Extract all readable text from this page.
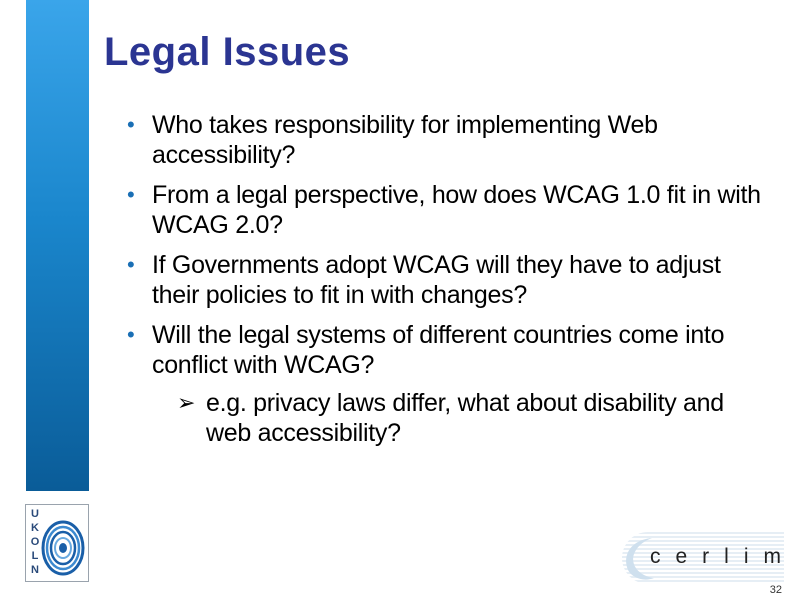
Legal Issues
• Who takes responsibility for implementing Web accessibility?
• From a legal perspective, how does WCAG 1.0 fit in with WCAG 2.0?
• If Governments adopt WCAG will they have to adjust their policies to fit in with changes?
• Will the legal systems of different countries come into conflict with WCAG?
➢ e.g. privacy laws differ, what about disability and web accessibility?
UKOLN
cerlim
32
